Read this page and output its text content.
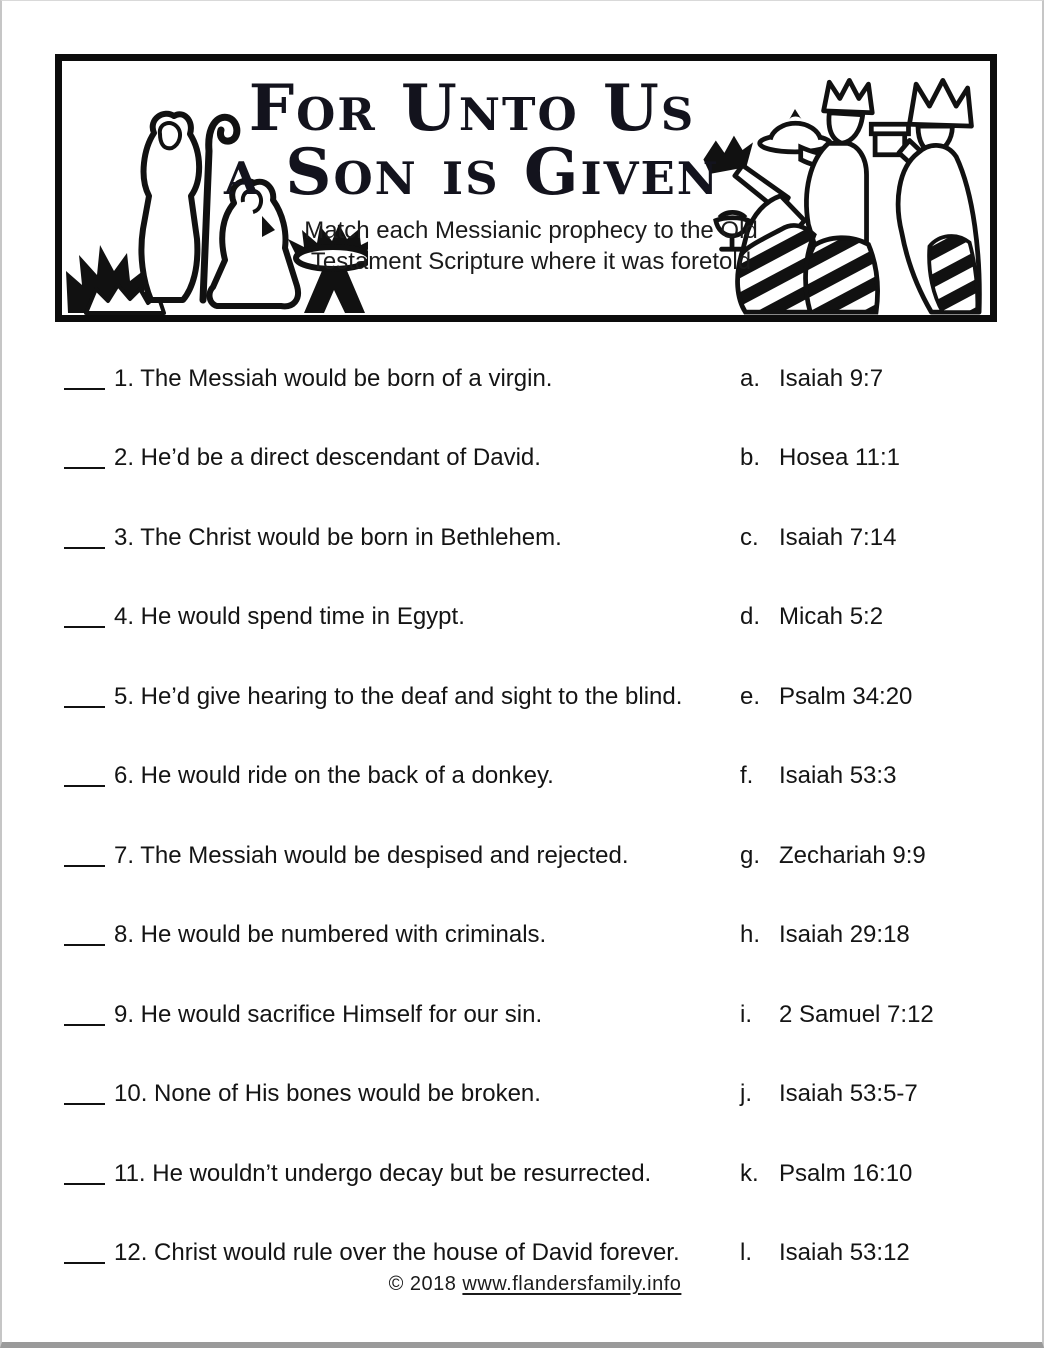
For Unto Us
a Son is Given
Match each Messianic prophecy to the Old
Testament Scripture where it was foretold
1. The Messiah would be born of a virgin.	a. Isaiah 9:7
2. He’d be a direct descendant of David.	b. Hosea 11:1
3. The Christ would be born in Bethlehem.	c. Isaiah 7:14
4. He would spend time in Egypt.	d. Micah 5:2
5. He’d give hearing to the deaf and sight to the blind.	e. Psalm 34:20
6. He would ride on the back of a donkey.	f.	Isaiah 53:3
7. The Messiah would be despised and rejected.	g. Zechariah 9:9
8. He would be numbered with criminals.	h. Isaiah 29:18
9. He would sacrifice Himself for our sin.	i.	2 Samuel 7:12
10. None of His bones would be broken.	j.	Isaiah 53:5-7
11. He wouldn’t undergo decay but be resurrected.	k. Psalm 16:10
12. Christ would rule over the house of David forever.	l.	Isaiah 53:12
© 2018 www.flandersfamily.info
